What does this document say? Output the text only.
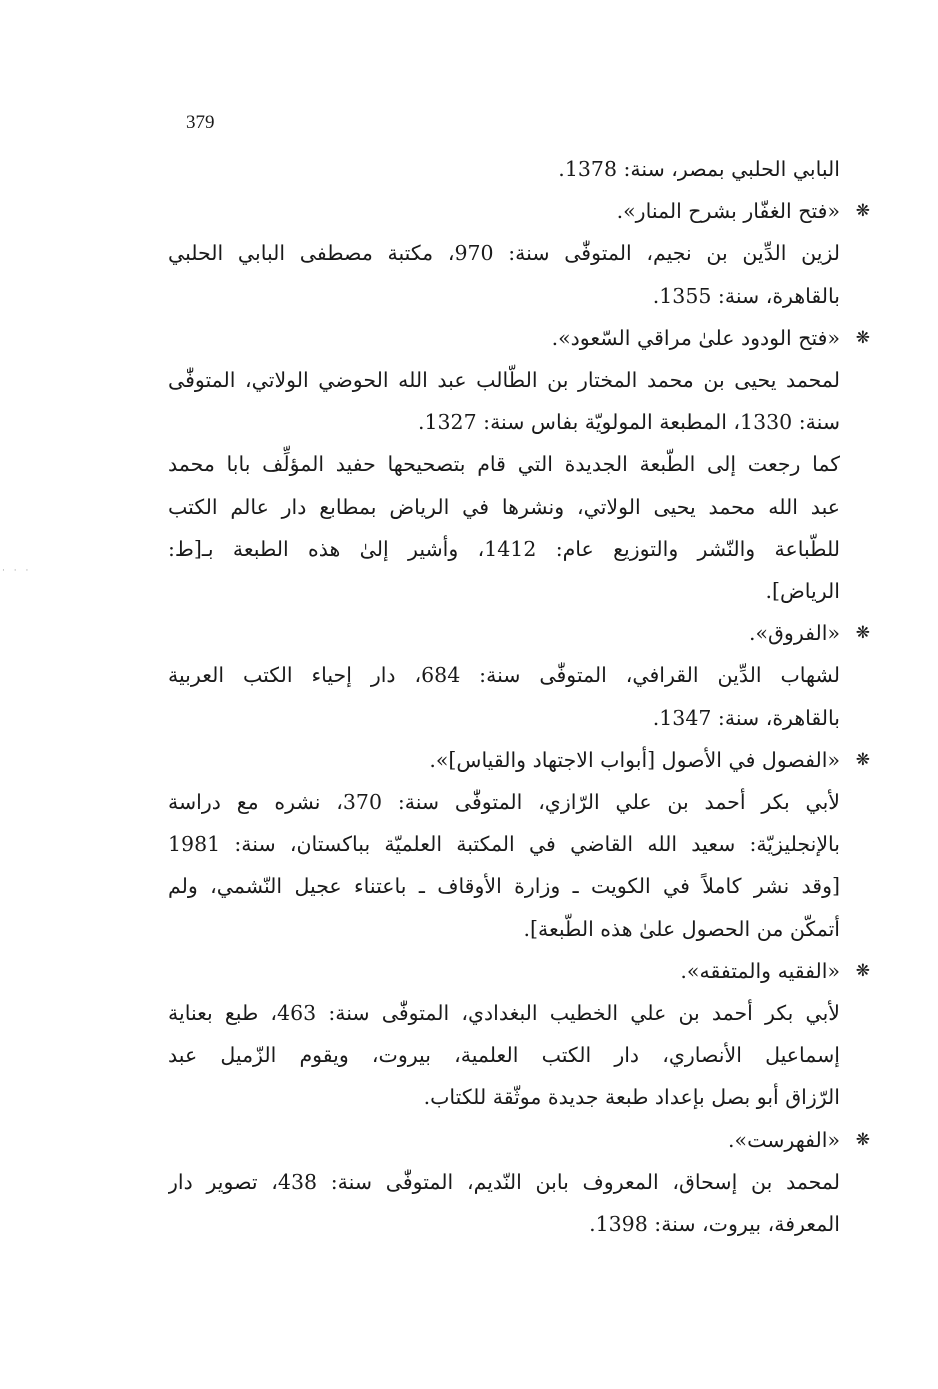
379
· · ·
البابي الحلبي بمصر، سنة: 1378.
❋
«فتح الغفّار بشرح المنار».
لزين الدِّين بن نجيم، المتوفّٰى سنة: 970، مكتبة مصطفى البابي الحلبي
بالقاهرة، سنة: 1355.
❋
«فتح الودود علىٰ مراقي السّعود».
لمحمد يحيى بن محمد المختار بن الطّالب عبد الله الحوضي الولاتي، المتوفّٰى
سنة: 1330، المطبعة المولويّة بفاس سنة: 1327.
كما رجعت إلى الطّبعة الجديدة التي قام بتصحيحها حفيد المؤلِّف بابا محمد
عبد الله محمد يحيى الولاتي، ونشرها في الرياض بمطابع دار عالم الكتب
للطّباعة والنّشر والتوزيع عام: 1412، وأشير إلىٰ هذه الطبعة بـ[ط:
الرياض].
❋
«الفروق».
لشهاب الدِّين القرافي، المتوفّٰى سنة: 684، دار إحياء الكتب العربية
بالقاهرة، سنة: 1347.
❋
«الفصول في الأصول [أبواب الاجتهاد والقياس]».
لأبي بكر أحمد بن علي الرّازي، المتوفّٰى سنة: 370، نشره مع دراسة
بالإنجليزيّة: سعيد الله القاضي في المكتبة العلميّة بباكستان، سنة: 1981
[وقد نشر كاملاً في الكويت ـ وزارة الأوقاف ـ باعتناء عجيل النّشمي، ولم
أتمكّن من الحصول علىٰ هذه الطّبعة].
❋
«الفقيه والمتفقه».
لأبي بكر أحمد بن علي الخطيب البغدادي، المتوفّٰى سنة: 463، طبع بعناية
إسماعيل الأنصاري، دار الكتب العلمية، بيروت، ويقوم الزّميل عبد
الرّزاق أبو بصل بإعداد طبعة جديدة موثّقة للكتاب.
❋
«الفهرست».
لمحمد بن إسحاق، المعروف بابن النّديم، المتوفّٰى سنة: 438، تصوير دار
المعرفة، بيروت، سنة: 1398.
